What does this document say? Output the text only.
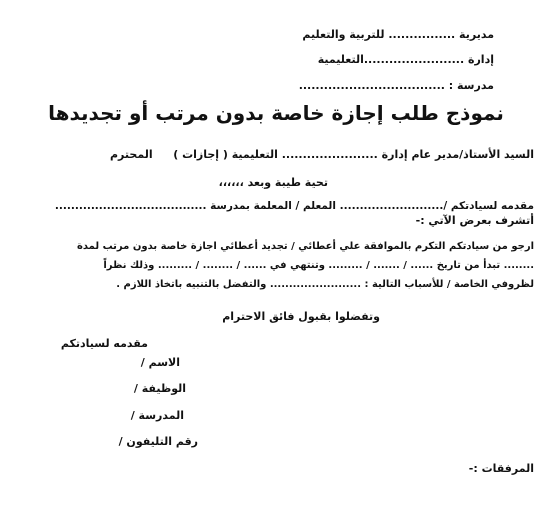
مديرية ................ للتربية والتعليم
إدارة ........................التعليمية
مدرسة : ...................................
نموذج طلب إجازة خاصة بدون مرتب أو تجديدها
السيد الأستاذ/مدير عام إدارة ....................... التعليمية ( إجازات )
المحترم
تحية طيبة وبعد ،،،،،،
مقدمه لسيادتكم /.......................... المعلم / المعلمة بمدرسة ......................................
أتشرف بعرض الآتي :-
ارجو من سيادتكم التكرم بالموافقة علي أعطائي / تجديد أعطائي اجازة خاصة بدون مرتب لمدة
........ تبدأ من تاريخ ...... / ....... / ......... وتنتهي في ...... / ........ / ......... وذلك نظراً
لظروفي الخاصة / للأسباب التالية : ........................ والتفضل بالتنبيه باتخاذ اللازم .
وتفضلوا بقبول فائق الاحترام
مقدمه لسيادتكم
الاسم /
الوظيفة /
المدرسة /
رقم التليفون /
المرفقات :-
